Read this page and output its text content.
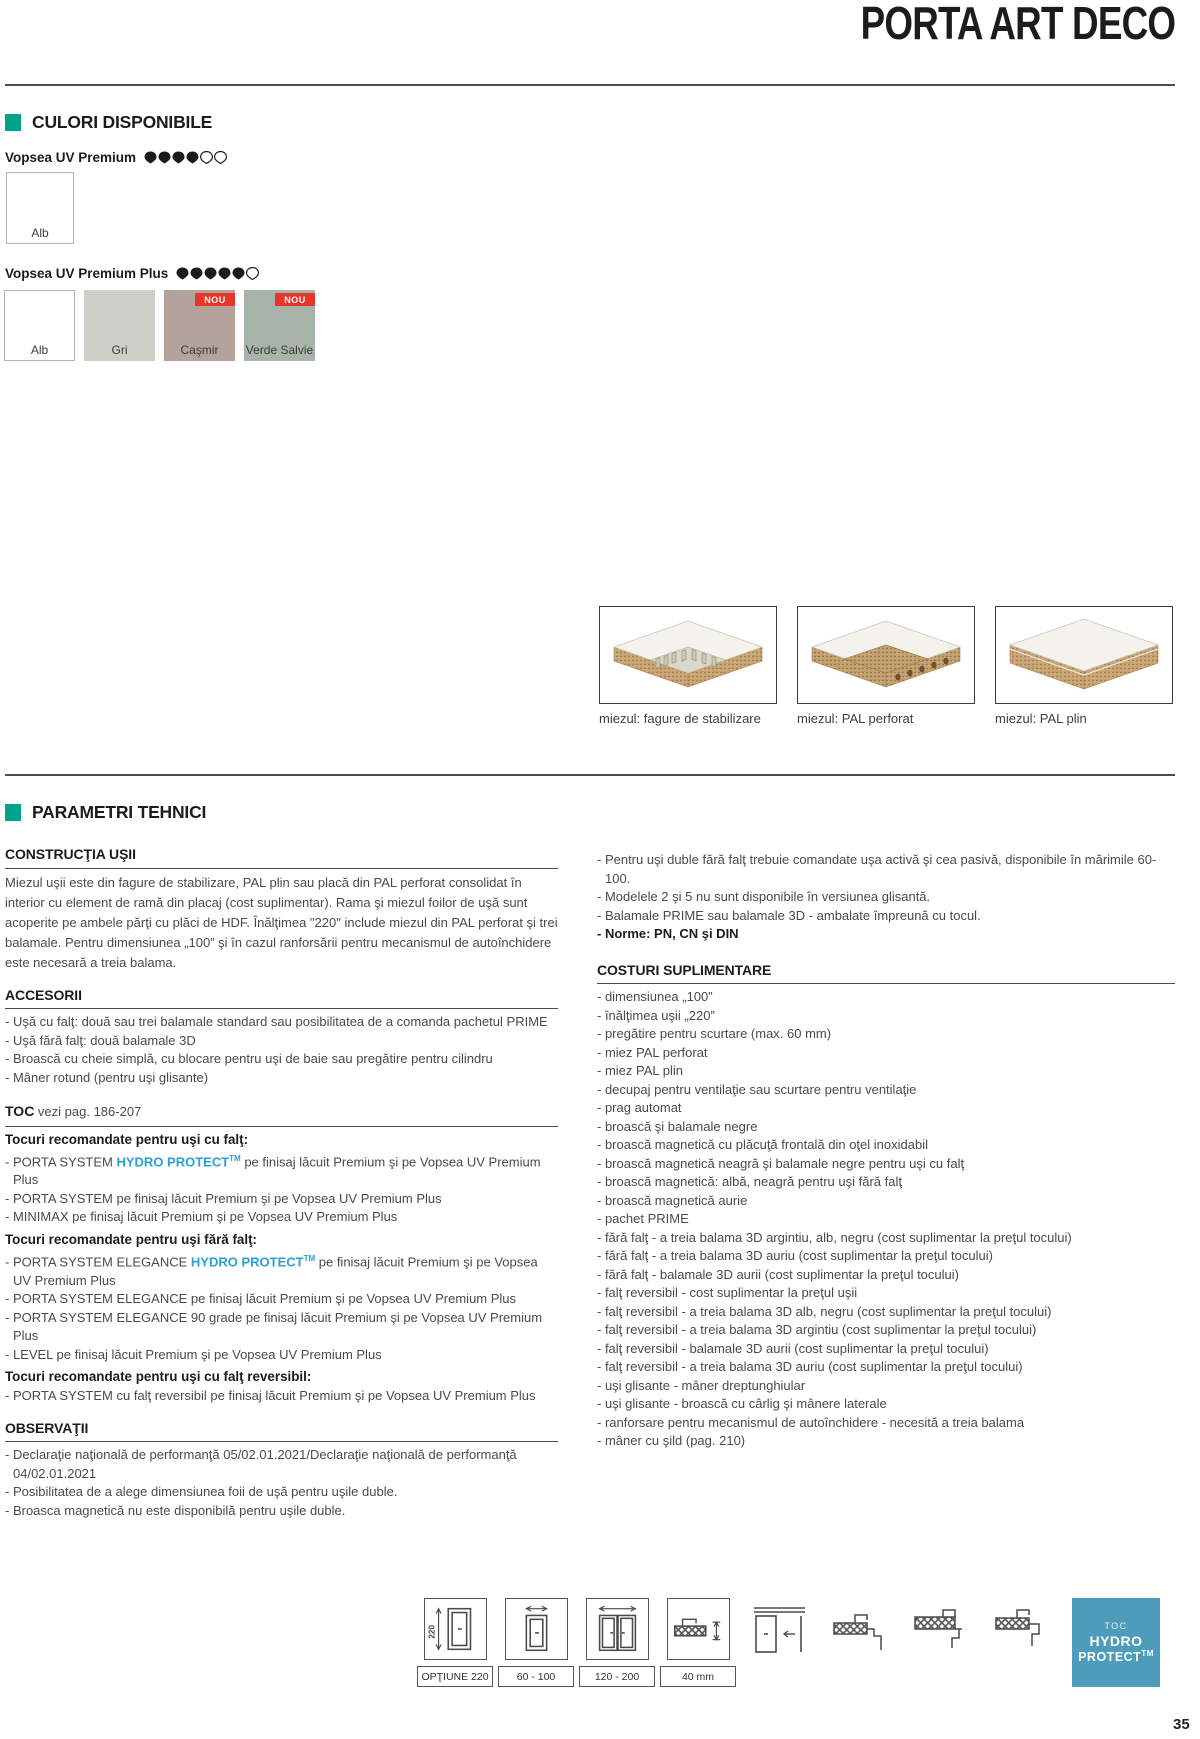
PORTA ART DECO
CULORI DISPONIBILE
Vopsea UV Premium
Alb
Vopsea UV Premium Plus
Alb	Gri
NOU
Caşmir
NOU
Verde Salvie
miezul: fagure de stabilizare	miezul: PAL perforat	miezul: PAL plin
PARAMETRI TEHNICI
CONSTRUCŢIA UŞII

Miezul uşii este din fagure de stabilizare, PAL plin sau placă din PAL perforat consolidat în interior cu element de ramă din placaj (cost suplimentar). Rama şi miezul foilor de uşă sunt acoperite pe ambele părţi cu plăci de HDF. Înălţimea "220" include miezul din PAL perforat şi trei balamale. Pentru dimensiunea „100” şi în cazul ranforsării pentru mecanismul de autoînchidere este necesară a treia balama.

ACCESORII
- Uşă cu falţ: două sau trei balamale standard sau posibilitatea de a comanda pachetul PRIME
- Uşă fără falţ: două balamale 3D
- Broască cu cheie simplă, cu blocare pentru uşi de baie sau pregătire pentru cilindru
- Mâner rotund (pentru uşi glisante)
TOC vezi pag. 186-207
Tocuri recomandate pentru uşi cu falţ:
- PORTA SYSTEM HYDRO PROTECT™ pe finisaj lăcuit Premium şi pe Vopsea UV Premium Plus
- PORTA SYSTEM pe finisaj lăcuit Premium şi pe Vopsea UV Premium Plus
- MINIMAX pe finisaj lăcuit Premium şi pe Vopsea UV Premium Plus
Tocuri recomandate pentru uşi fără falţ:
- PORTA SYSTEM ELEGANCE HYDRO PROTECT™ pe finisaj lăcuit Premium şi pe Vopsea UV Premium Plus
- PORTA SYSTEM ELEGANCE pe finisaj lăcuit Premium şi pe Vopsea UV Premium Plus
- PORTA SYSTEM ELEGANCE 90 grade pe finisaj lăcuit Premium şi pe Vopsea UV Premium Plus
- LEVEL pe finisaj lăcuit Premium şi pe Vopsea UV Premium Plus
Tocuri recomandate pentru uşi cu falţ reversibil:
- PORTA SYSTEM cu falţ reversibil pe finisaj lăcuit Premium şi pe Vopsea UV Premium Plus
OBSERVAŢII
- Declaraţie naţională de performanţă 05/02.01.2021/Declaraţie naţională de performanţă 04/02.01.2021
- Posibilitatea de a alege dimensiunea foii de uşă pentru uşile duble.
- Broasca magnetică nu este disponibilă pentru uşile duble.
- Pentru uşi duble fără falţ trebuie comandate uşa activă şi cea pasivă, disponibile în mărimile 60-100.
- Modelele 2 şi 5 nu sunt disponibile în versiunea glisantă.
- Balamale PRIME sau balamale 3D - ambalate împreună cu tocul.
- Norme: PN, CN şi DIN
COSTURI SUPLIMENTARE
- dimensiunea „100”
- înălţimea uşii „220”
- pregătire pentru scurtare (max. 60 mm)
- miez PAL perforat
- miez PAL plin
- decupaj pentru ventilaţie sau scurtare pentru ventilaţie
- prag automat
- broască şi balamale negre
- broască magnetică cu plăcuţă frontală din oţel inoxidabil
- broască magnetică neagră şi balamale negre pentru uşi cu falţ
- broască magnetică: albă, neagră pentru uşi fără falţ
- broască magnetică aurie
- pachet PRIME
- fără falţ - a treia balama 3D argintiu, alb, negru (cost suplimentar la preţul tocului)
- fără falţ - a treia balama 3D auriu (cost suplimentar la preţul tocului)
- fără falţ - balamale 3D aurii (cost suplimentar la preţul tocului)
- falţ reversibil - cost suplimentar la preţul uşii
- falţ reversibil - a treia balama 3D alb, negru (cost suplimentar la preţul tocului)
- falţ reversibil - a treia balama 3D argintiu (cost suplimentar la preţul tocului)
- falţ reversibil - balamale 3D aurii (cost suplimentar la preţul tocului)
- falţ reversibil - a treia balama 3D auriu (cost suplimentar la preţul tocului)
- uşi glisante - mâner dreptunghiular
- uşi glisante - broască cu cârlig şi mânere laterale
- ranforsare pentru mecanismul de autoînchidere - necesită a treia balama
- mâner cu şild (pag. 210)
220
OPŢIUNE 220	60 - 100	120 - 200	40 mm
TOC
HYDRO
PROTECT™
35
